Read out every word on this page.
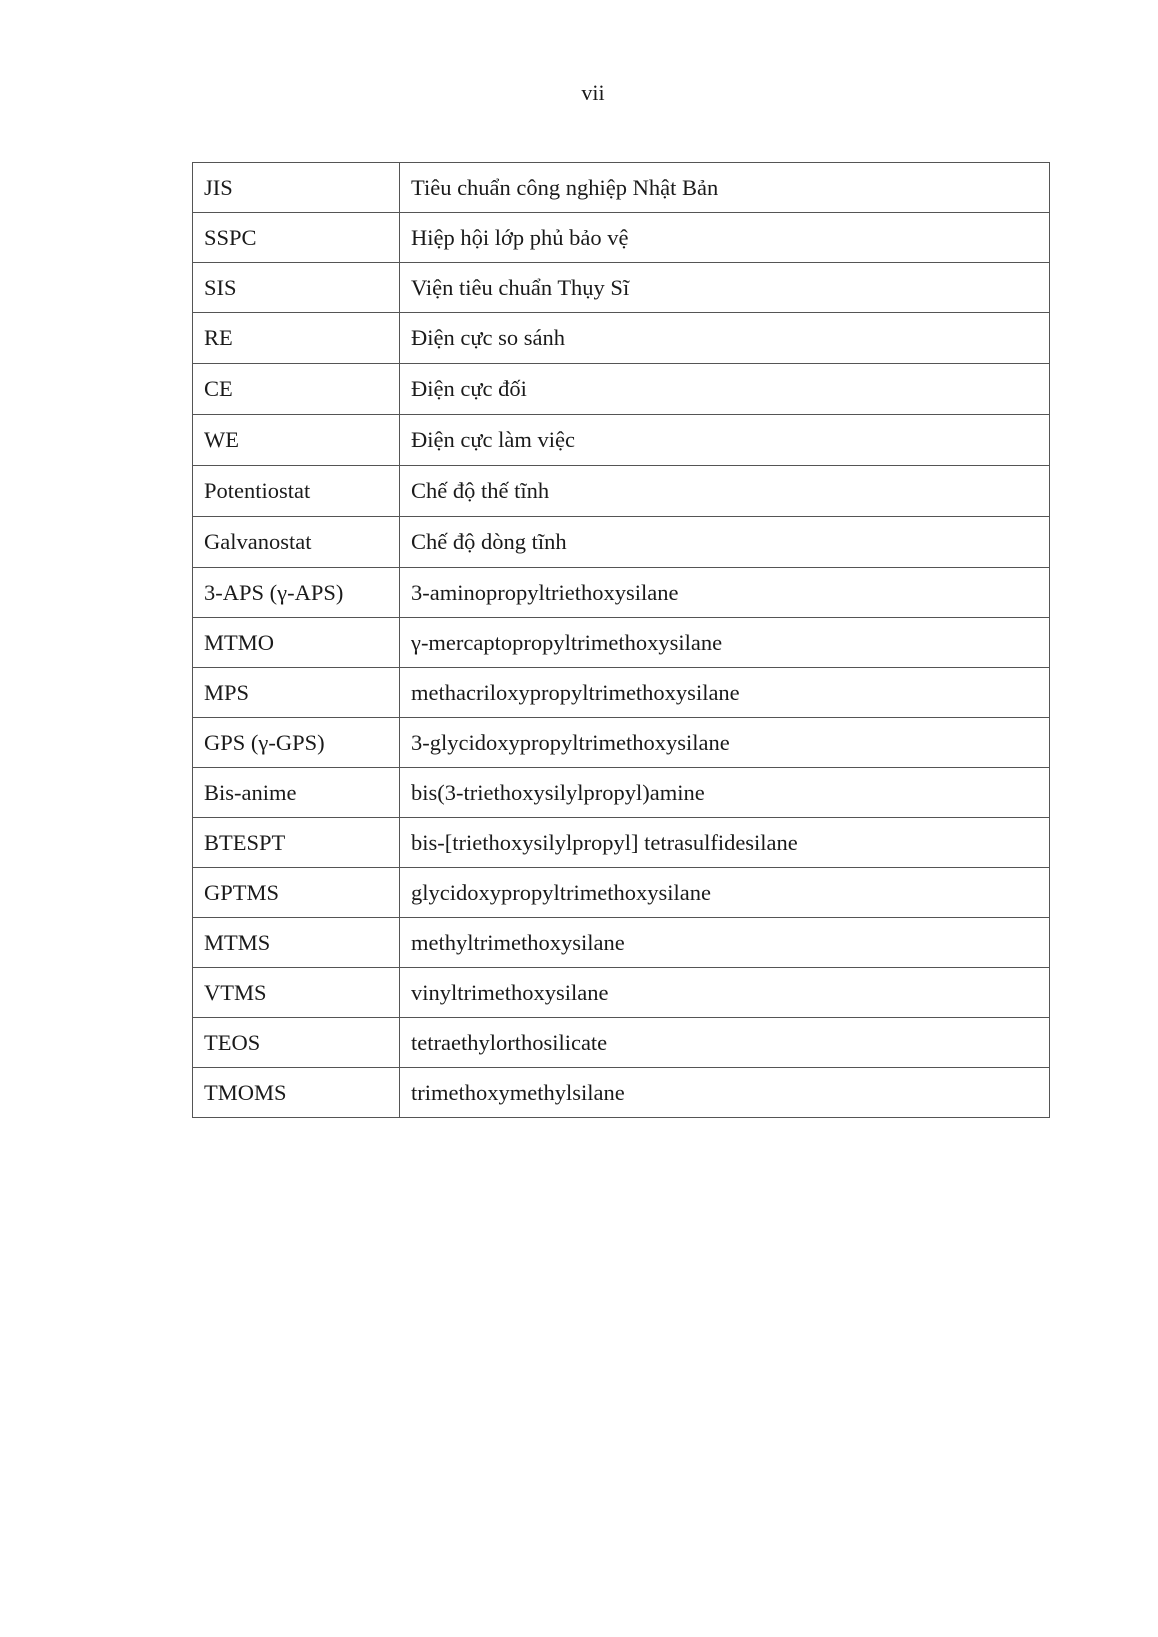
vii
JIS	Tiêu chuẩn công nghiệp Nhật Bản
SSPC	Hiệp hội lớp phủ bảo vệ
SIS	Viện tiêu chuẩn Thụy Sĩ
RE	Điện cực so sánh
CE	Điện cực đối
WE	Điện cực làm việc
Potentiostat	Chế độ thế tĩnh
Galvanostat	Chế độ dòng tĩnh
3-APS (γ-APS)	3-aminopropyltriethoxysilane
MTMO	γ-mercaptopropyltrimethoxysilane
MPS	methacriloxypropyltrimethoxysilane
GPS (γ-GPS)	3-glycidoxypropyltrimethoxysilane
Bis-anime	bis(3-triethoxysilylpropyl)amine
BTESPT	bis-[triethoxysilylpropyl] tetrasulfidesilane
GPTMS	glycidoxypropyltrimethoxysilane
MTMS	methyltrimethoxysilane
VTMS	vinyltrimethoxysilane
TEOS	tetraethylorthosilicate
TMOMS	trimethoxymethylsilane
